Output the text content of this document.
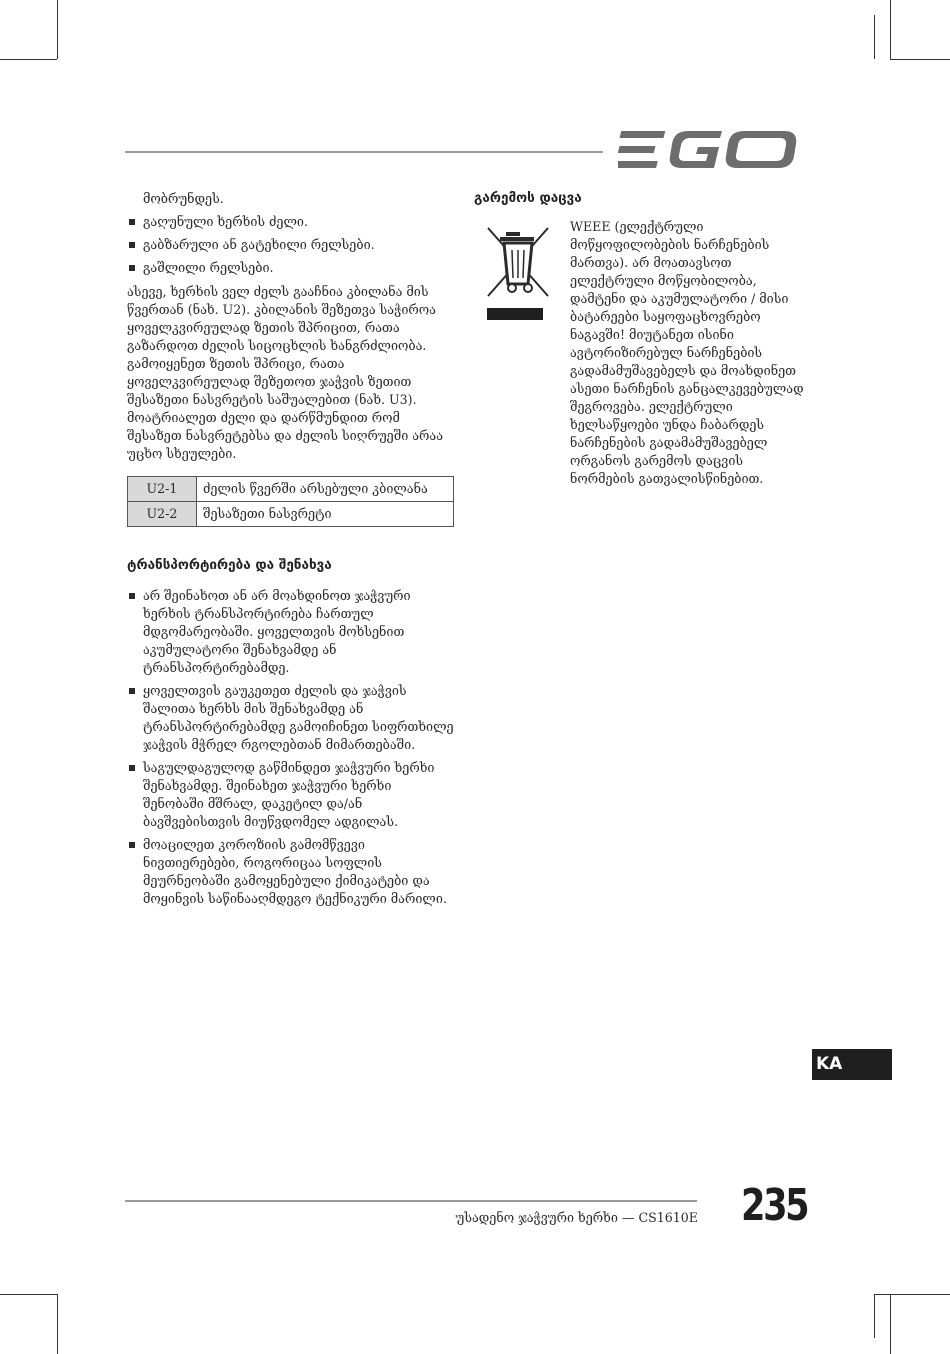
მობრუნდეს.

გაღუნული ხერხის ძელი.
გაბზარული ან გატეხილი რელსები.
გაშლილი რელსები.

ასევე, ხერხის ველ ძელს გააჩნია კბილანა მის წვერთან (ნახ. U2). კბილანის შეზეთვა საჭიროა ყოველკვირეულად ზეთის შპრიცით, რათა გაზარდოთ ძელის სიცოცხლის ხანგრძლიობა. გამოიყენეთ ზეთის შპრიცი, რათა ყოველკვირეულად შეზეთოთ ჯაჭვის ზეთით შესაზეთი ნასვრეტის საშუალებით (ნახ. U3). მოატრიალეთ ძელი და დარწმუნდით რომ შესაზეთ ნასვრეტებსა და ძელის სიღრუეში არაა უცხო სხეულები.

U2-1	ძელის წვერში არსებული კბილანა
U2-2	შესაზეთი ნასვრეტი
ტრანსპორტირება და შენახვა
არ შეინახოთ ან არ მოახდინოთ ჯაჭვური ხერხის ტრანსპორტირება ჩართულ მდგომარეობაში. ყოველთვის მოხსენით აკუმულატორი შენახვამდე ან ტრანსპორტირებამდე.
ყოველთვის გაუკეთეთ ძელის და ჯაჭვის შალითა ხერხს მის შენახვამდე ან ტრანსპორტირებამდე გამოიჩინეთ სიფრთხილე ჯაჭვის მჭრელ რგოლებთან მიმართებაში.
საგულდაგულოდ გაწმინდეთ ჯაჭვური ხერხი შენახვამდე. შეინახეთ ჯაჭვური ხერხი შენობაში მშრალ, დაკეტილ და/ან ბავშვებისთვის მიუწვდომელ ადგილას.
მოაცილეთ კოროზიის გამომწვევი ნივთიერებები, როგორიცაა სოფლის მეურნეობაში გამოყენებული ქიმიკატები და მოყინვის საწინააღმდეგო ტექნიკური მარილი.
გარემოს დაცვა

WEEE (ელექტრული მოწყოფილობების ნარჩენების მართვა). არ მოათავსოთ ელექტრული მოწყობილობა, დამტენი და აკუმულატორი / მისი ბატარეები საყოფაცხოვრებო ნაგავში! მიუტანეთ ისინი ავტორიზირებულ ნარჩენების გადამამუშავებელს და მოახდინეთ ასეთი ნარჩენის განცალკევებულად შეგროვება. ელექტრული ხელსაწყოები უნდა ჩაბარდეს ნარჩენების გადამამუშავებელ ორგანოს გარემოს დაცვის ნორმების გათვალისწინებით.

KA
უსადენო ჯაჭვური ხერხი — CS1610E 235
